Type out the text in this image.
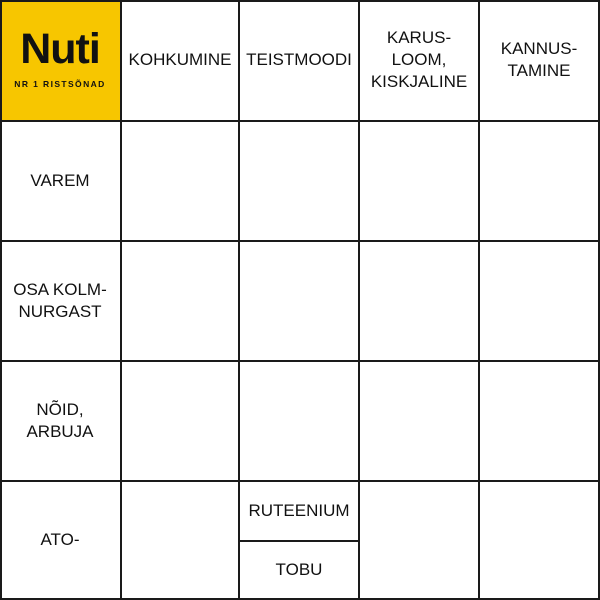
Nuti
NR 1 RISTSÕNAD
KOHKUMINE TEISTMOODI
KARUS-
LOOM,
KISKJALINE
KANNUS-
TAMINE
VAREM
OSA KOLM-
NURGAST
NÕID,
ARBUJA
ATO-
RUTEENIUM
TOBU
